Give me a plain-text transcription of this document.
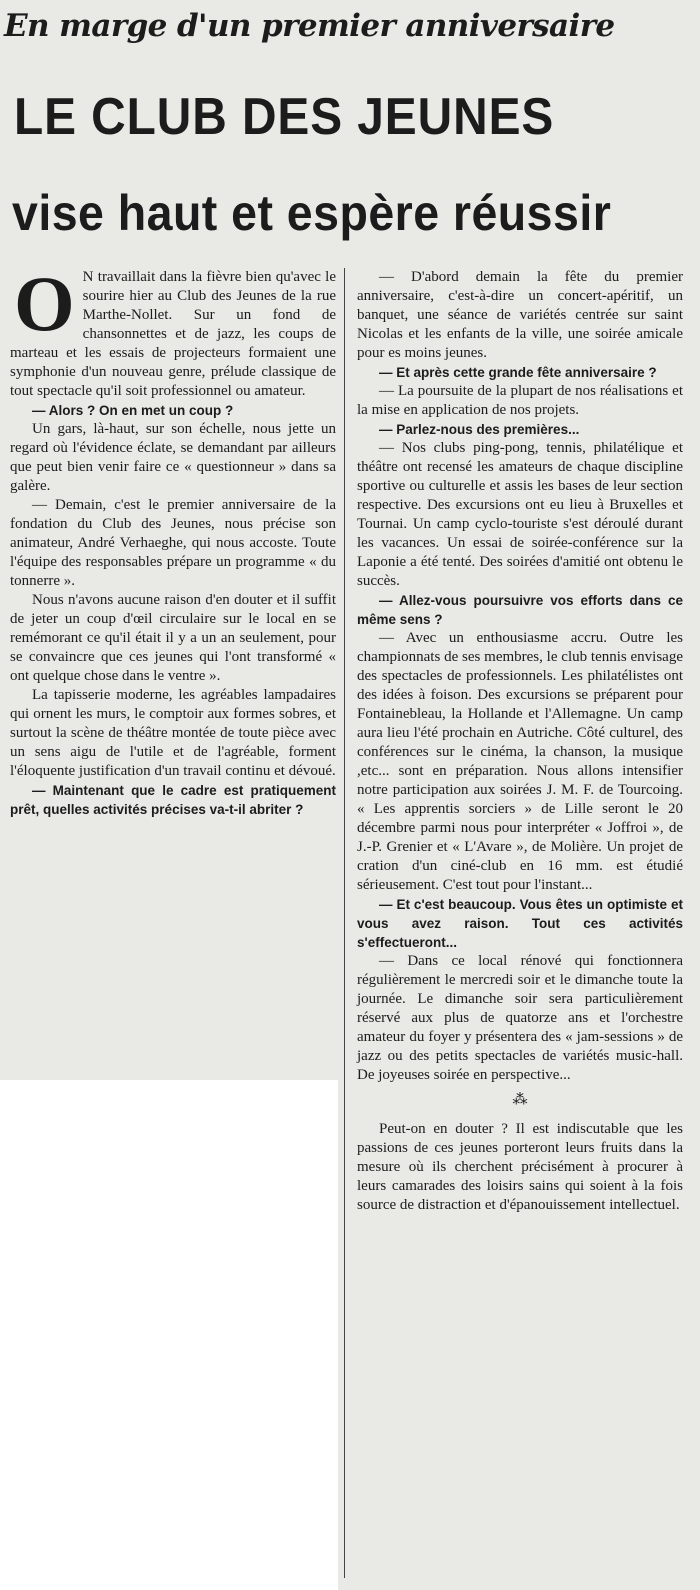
En marge d'un premier anniversaire
LE CLUB DES JEUNES
vise haut et espère réussir
O N travaillait dans la fièvre bien qu'avec le sourire hier au Club des Jeunes de la rue Marthe-Nollet. Sur un fond de chansonnettes et de jazz, les coups de marteau et les essais de projecteurs formaient une symphonie d'un nouveau genre, prélude classique de tout spectacle qu'il soit professionnel ou amateur.

— Alors ? On en met un coup ?

Un gars, là-haut, sur son échelle, nous jette un regard où l'évidence éclate, se demandant par ailleurs que peut bien venir faire ce « questionneur » dans sa galère.

— Demain, c'est le premier anniversaire de la fondation du Club des Jeunes, nous précise son animateur, André Verhaeghe, qui nous accoste. Toute l'équipe des responsables prépare un programme « du tonnerre ».

Nous n'avons aucune raison d'en douter et il suffit de jeter un coup d'œil circulaire sur le local en se remémorant ce qu'il était il y a un an seulement, pour se convaincre que ces jeunes qui l'ont transformé « ont quelque chose dans le ventre ».

La tapisserie moderne, les agréables lampadaires qui ornent les murs, le comptoir aux formes sobres, et surtout la scène de théâtre montée de toute pièce avec un sens aigu de l'utile et de l'agréable, forment l'éloquente justification d'un travail continu et dévoué.

— Maintenant que le cadre est pratiquement prêt, quelles activités précises va-t-il abriter ?

— D'abord demain la fête du premier anniversaire, c'est-à-dire un concert-apéritif, un banquet, une séance de variétés centrée sur saint Nicolas et les enfants de la ville, une soirée amicale pour es moins jeunes.

— Et après cette grande fête anniversaire ?

— La poursuite de la plupart de nos réalisations et la mise en application de nos projets.

— Parlez-nous des premières...

— Nos clubs ping-pong, tennis, philatélique et théâtre ont recensé les amateurs de chaque discipline sportive ou culturelle et assis les bases de leur section respective. Des excursions ont eu lieu à Bruxelles et Tournai. Un camp cyclo-touriste s'est déroulé durant les vacances. Un essai de soirée-conférence sur la Laponie a été tenté. Des soirées d'amitié ont obtenu le succès.

— Allez-vous poursuivre vos efforts dans ce même sens ?

— Avec un enthousiasme accru. Outre les championnats de ses membres, le club tennis envisage des spectacles de professionnels. Les philatélistes ont des idées à foison. Des excursions se préparent pour Fontainebleau, la Hollande et l'Allemagne. Un camp aura lieu l'été prochain en Autriche. Côté culturel, des conférences sur le cinéma, la chanson, la musique ,etc... sont en préparation. Nous allons intensifier notre participation aux soirées J. M. F. de Tourcoing. « Les apprentis sorciers » de Lille seront le 20 décembre parmi nous pour interpréter « Joffroi », de J.-P. Grenier et « L'Avare », de Molière. Un projet de cration d'un ciné-club en 16 mm. est étudié sérieusement. C'est tout pour l'instant...

— Et c'est beaucoup. Vous êtes un optimiste et vous avez raison. Tout ces activités s'effectueront...

— Dans ce local rénové qui fonctionnera régulièrement le mercredi soir et le dimanche toute la journée. Le dimanche soir sera particulièrement réservé aux plus de quatorze ans et l'orchestre amateur du foyer y présentera des « jam-sessions » de jazz ou des petits spectacles de variétés music-hall. De joyeuses soirée en perspective...

⁂

Peut-on en douter ? Il est indiscutable que les passions de ces jeunes porteront leurs fruits dans la mesure où ils cherchent précisément à procurer à leurs camarades des loisirs sains qui soient à la fois source de distraction et d'épanouissement intellectuel.
